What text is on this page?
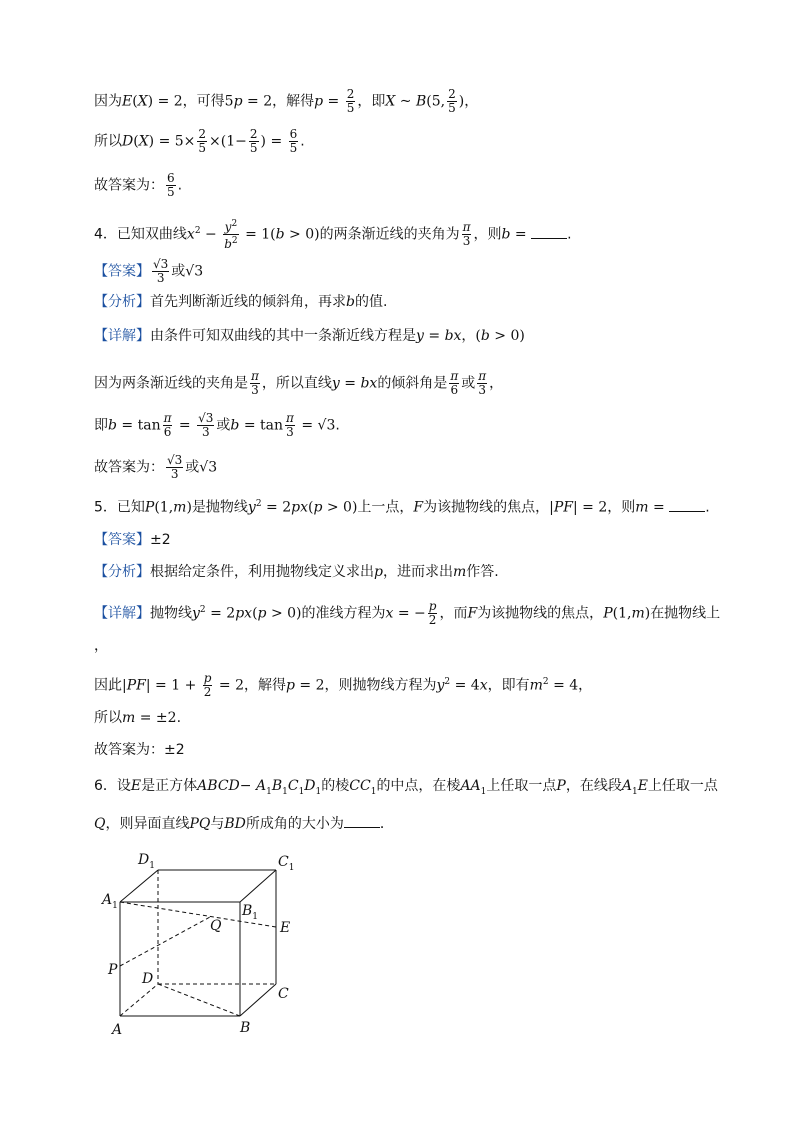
因为E(X) = 2，可得5p = 2，解得$p = \frac{2}{5}$ ，即X ~ B(5, $\frac{2}{5}$ )，
所以$D(X) = 5\times \frac{2}{5} \times(1- \frac{2}{5}$ ) = $\frac{6}{5}$ .
故答案为： $\frac{6}{5}$ .
4．已知双曲线$x^2 - \frac{y^2}{b^2} = 1(b > 0)$的两条渐近线的夹角为 $\frac{\pi}{3}$ ，则b =	.
【答案】 $\frac{√3}{3}$ 或√3
【分析】首先判断渐近线的倾斜角，再求b的值.
【详解】由条件可知双曲线的其中一条渐近线方程是y = bx，(b > 0)
因为两条渐近线的夹角是 $\frac{\pi}{3}$ ，所以直线y = bx的倾斜角是 $\frac{\pi}{6}$ 或 $\frac{\pi}{3}$ ，
即$b = \tan \frac{\pi}{6} = \frac{√3}{3}$ 或$b = \tan \frac{\pi}{3} = √3$.
故答案为： $\frac{√3}{3}$ 或√3
5．已知P(1,m)是抛物线$y^2 = 2px(p > 0)$上一点，F为该抛物线的焦点，|PF| = 2，则m =	.
【答案】±2
【分析】根据给定条件，利用抛物线定义求出p，进而求出m作答.
【详解】抛物线$y^2 = 2px(p > 0)$的准线方程为x = − $\frac{p}{2}$ ，而F为该抛物线的焦点，P(1,m)在抛物线上
，
因此$|PF| = 1 + \frac{p}{2} = 2$，解得p = 2，则抛物线方程为$y^2 = 4x$，即有$m^2 = 4$，
所以m = ±2.
故答案为：±2
6．设E是正方体ABCD− $A_1B_1C_1D_1$的棱$CC_1$的中点，在棱$AA_1$上任取一点P，在线段$A_1E$上任取一点
Q，则异面直线PQ与BD所成角的大小为	．
$D_1$	$C_1$
$A_1$	$B_1$
E
Q
P
D
C
A	B
